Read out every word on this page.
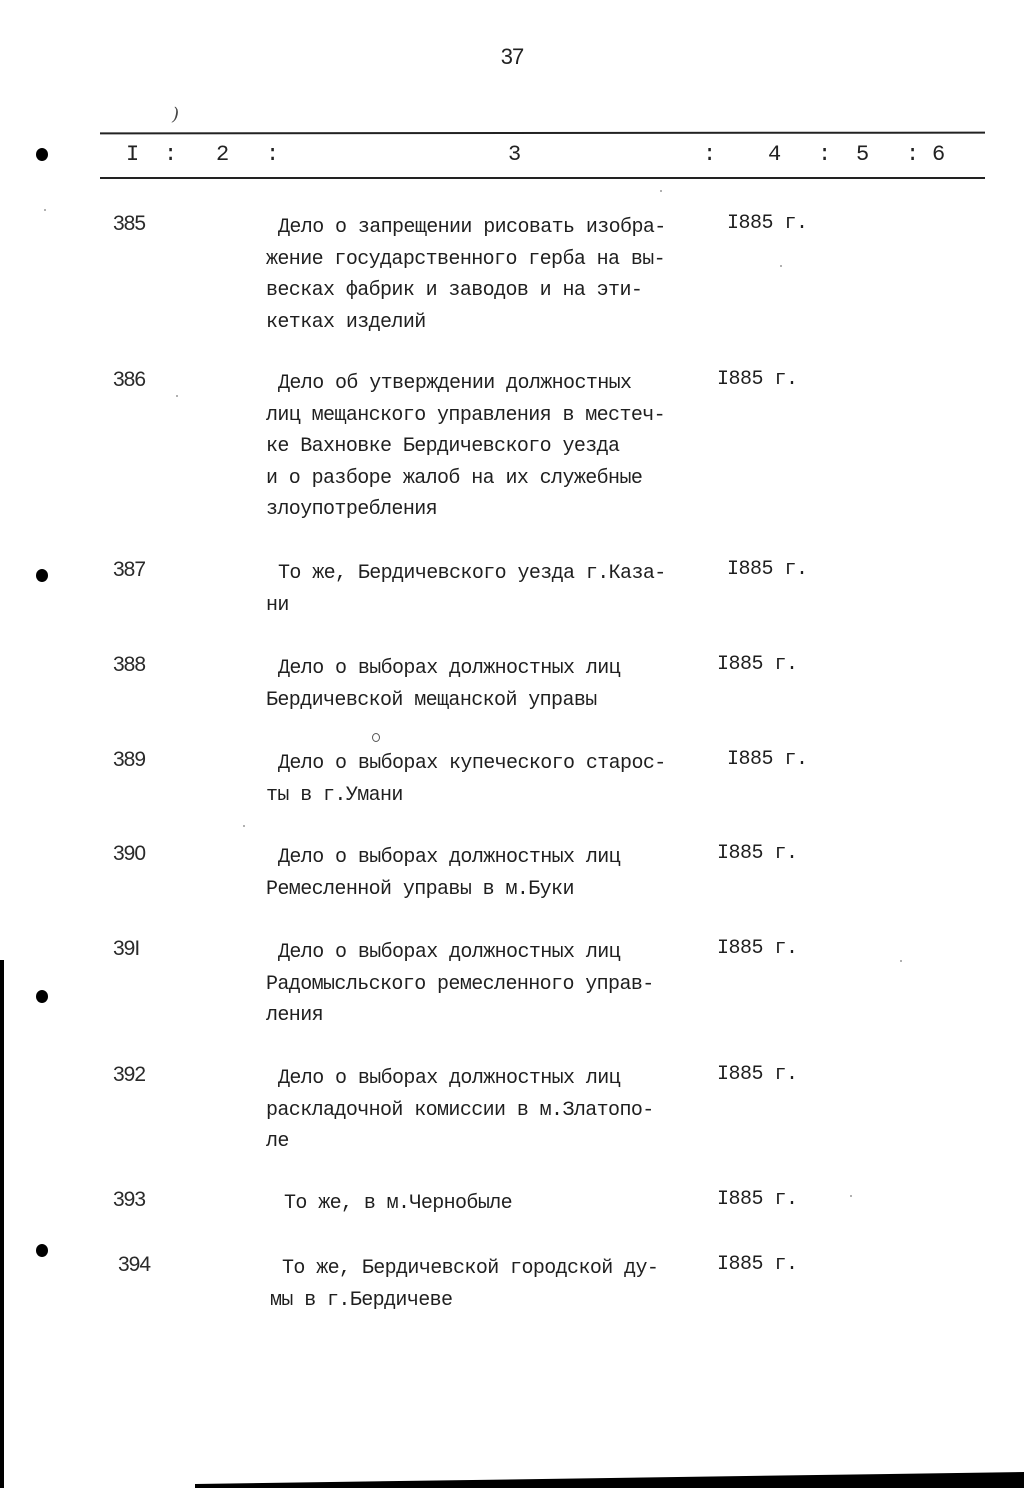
37
)
I : 2 :	3	: 4 : 5 : 6
385	Дело о запрещении рисовать изобра-
жение государственного герба на вы-
весках фабрик и заводов и на эти-
кетках изделий
I885 г.
386	Дело об утверждении должностных
лиц мещанского управления в местеч-
ке Вахновке Бердичевского уезда
и о разборе жалоб на их служебные
злоупотребления
I885 г.
387	То же, Бердичевского уезда г.Каза-
ни
I885 г.
388	Дело о выборах должностных лиц
Бердичевской мещанской управы
I885 г.
389	Дело о выборах купеческого старос-
ты в г.Умани
I885 г.
390	Дело о выборах должностных лиц
Ремесленной управы в м.Буки
I885 г.
39I	Дело о выборах должностных лиц
Радомысльского ремесленного управ-
ления
I885 г.
392	Дело о выборах должностных лиц
раскладочной комиссии в м.Златопо-
ле
I885 г.
393	То же, в м.Чернобыле	I885 г.
394	То же, Бердичевской городской ду-
мы в г.Бердичеве
I885 г.
